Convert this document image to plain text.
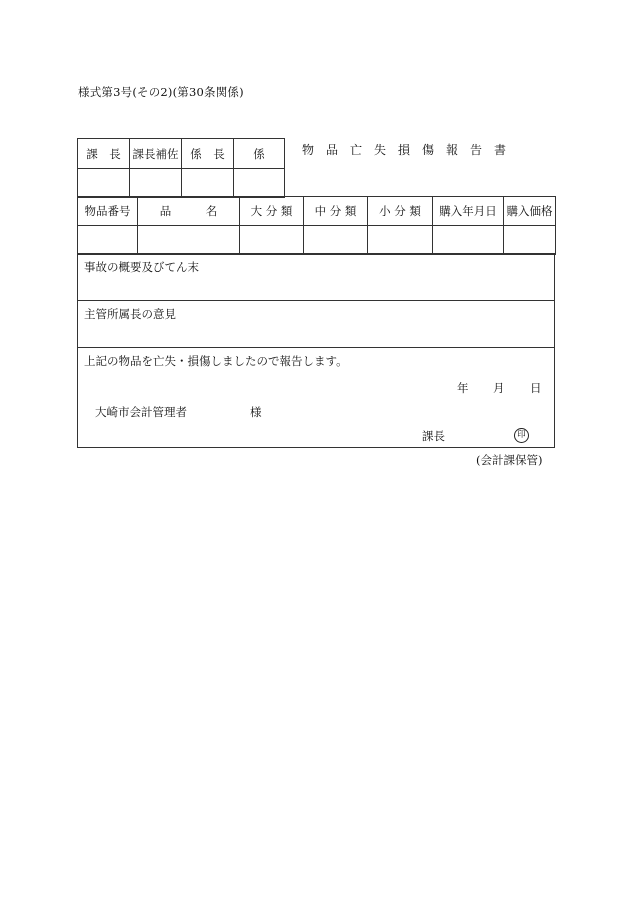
様式第3号(その2)(第30条関係)
課　長	課長補佐	係　長	係
				物品亡失損傷報告書
物品番号	品　　　名	大 分 類	中 分 類	小 分 類	購入年月日	購入価格

事故の概要及びてん末
主管所属長の意見
上記の物品を亡失・損傷しましたので報告します。
年 月 日
大崎市会計管理者	様
課長	印
(会計課保管)
